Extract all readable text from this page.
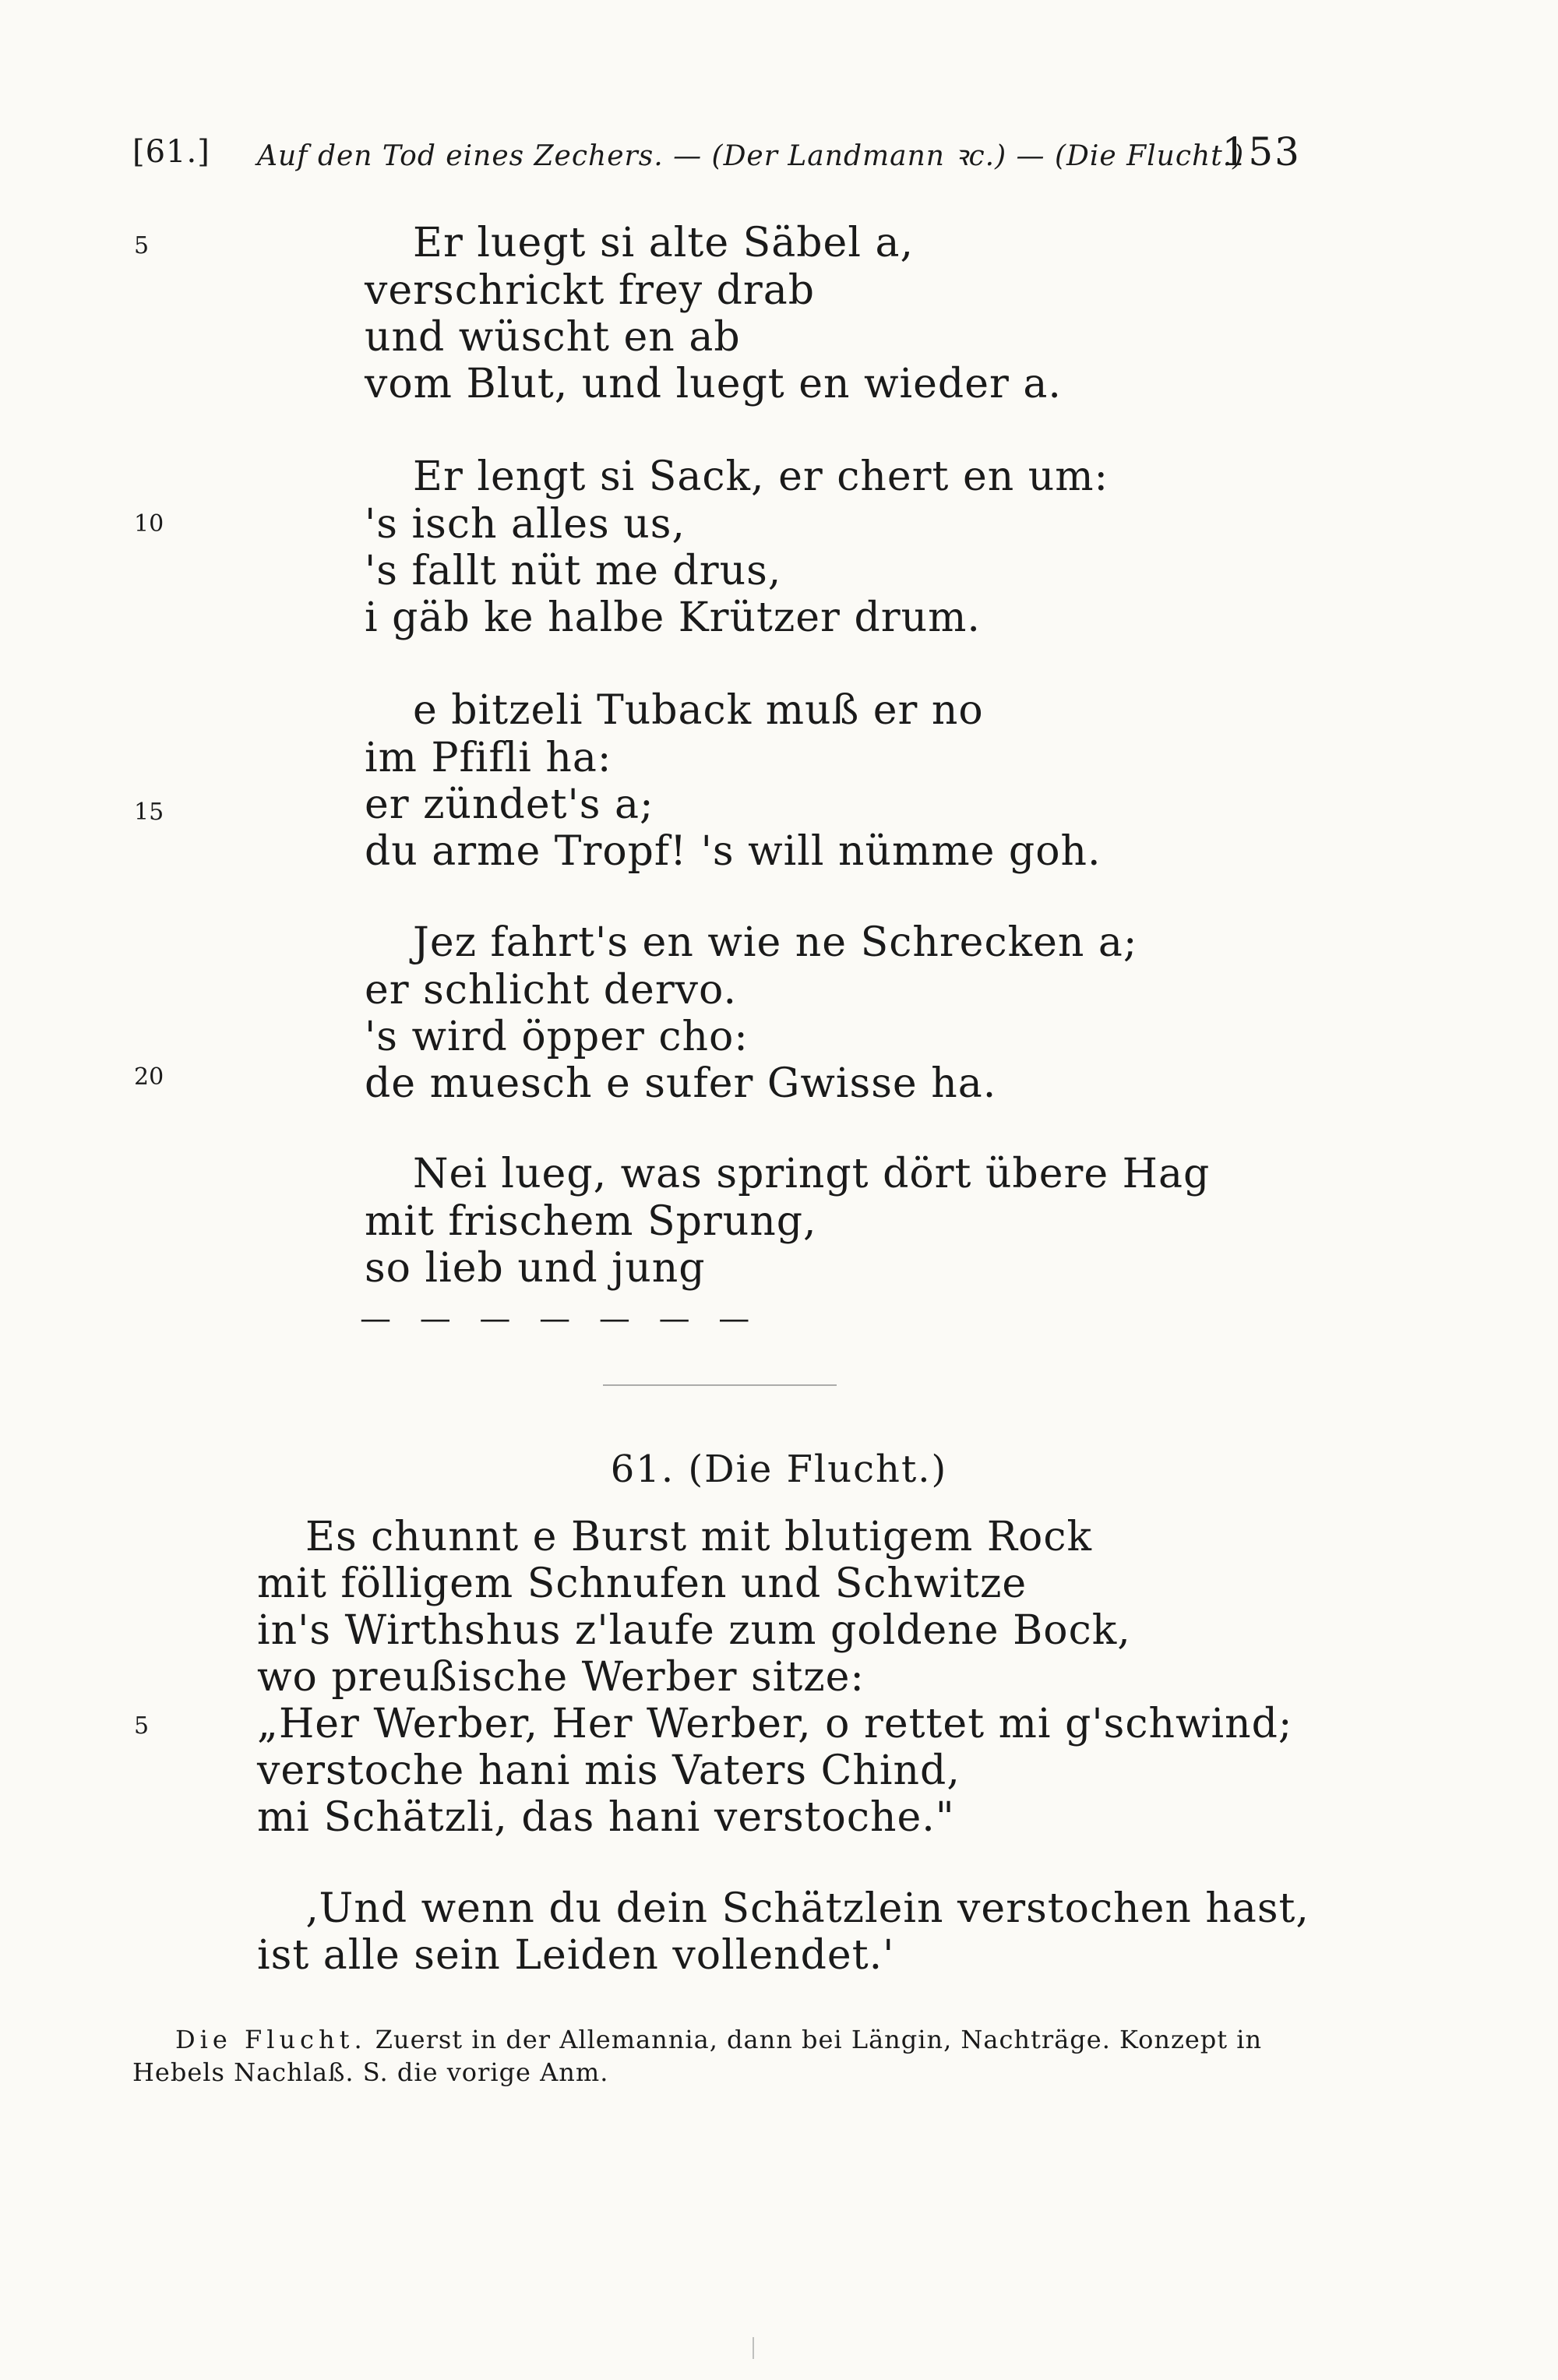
[61.] Auf den Tod eines Zechers. — (Der Landmann ꝛc.) — (Die Flucht.)
153
5
10
15
20
Er luegt si alte Säbel a,
verschrickt frey drab
und wüscht en ab
vom Blut, und luegt en wieder a.
Er lengt si Sack, er chert en um:
's isch alles us,
's fallt nüt me drus,
i gäb ke halbe Krützer drum.
e bitzeli Tuback muß er no
im Pfifli ha:
er zündet's a;
du arme Tropf! 's will nümme goh.
Jez fahrt's en wie ne Schrecken a;
er schlicht dervo.
's wird öpper cho:
de muesch e sufer Gwisse ha.
Nei lueg, was springt dört übere Hag
mit frischem Sprung,
so lieb und jung
— — — — — — —
61. (Die Flucht.)
Es chunnt e Burst mit blutigem Rock
mit fölligem Schnufen und Schwitze
in's Wirthshus z'laufe zum goldene Bock,
wo preußische Werber sitze:
5	„Her Werber, Her Werber, o rettet mi g'schwind;
verstoche hani mis Vaters Chind,
mi Schätzli, das hani verstoche."
‚Und wenn du dein Schätzlein verstochen hast,
ist alle sein Leiden vollendet.'
Die Flucht. Zuerst in der Allemannia, dann bei Längin, Nachträge. Konzept in
Hebels Nachlaß. S. die vorige Anm.
